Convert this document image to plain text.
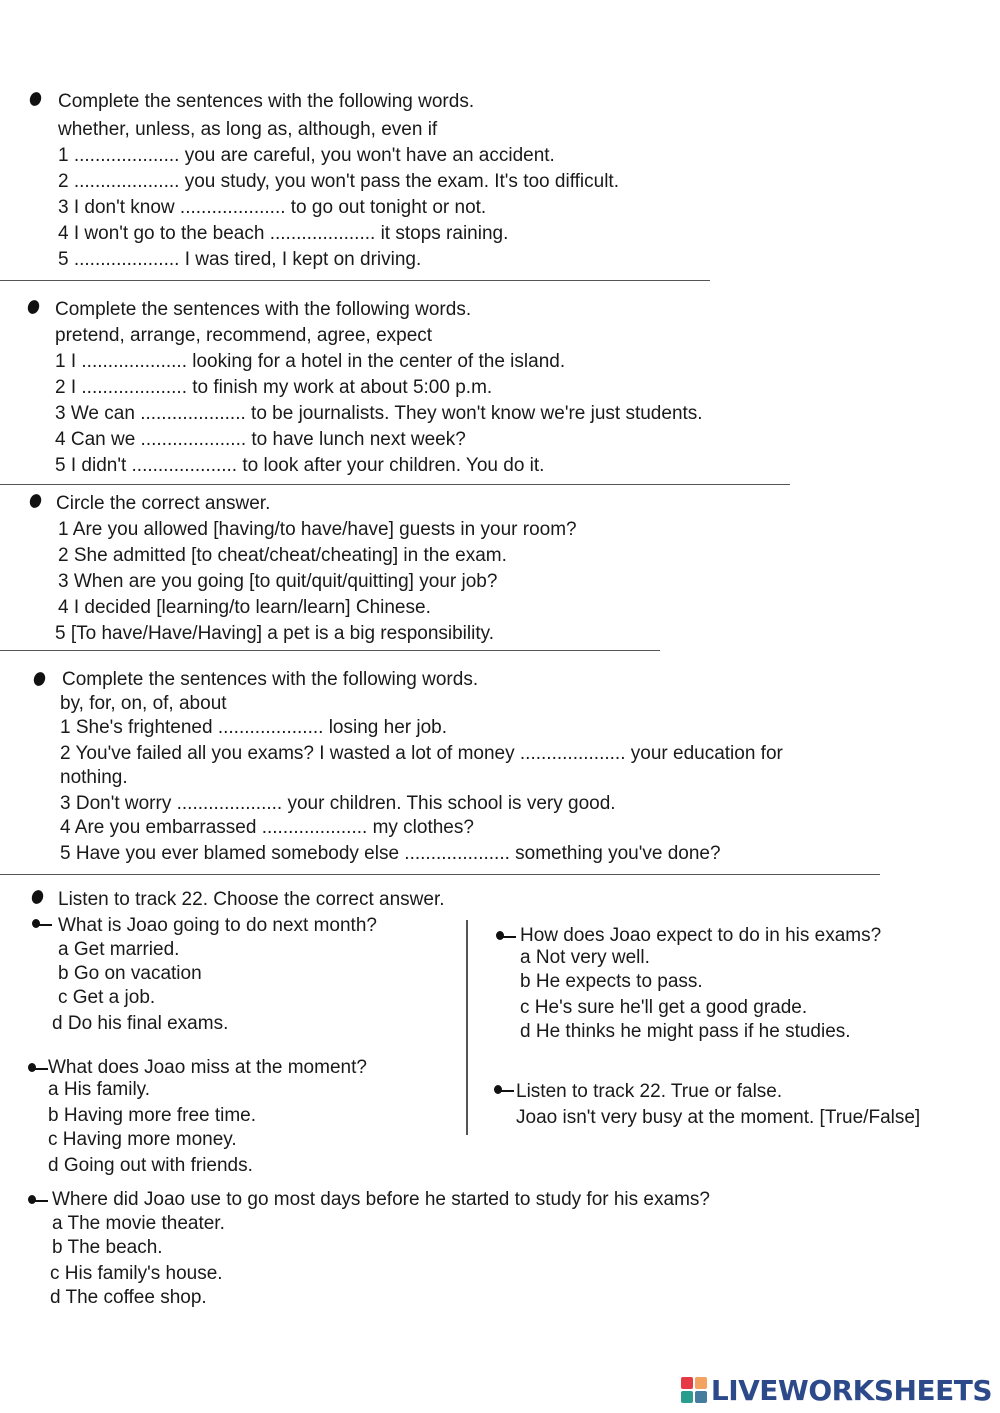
Complete the sentences with the following words.
whether, unless, as long as, although, even if
1 .................... you are careful, you won't have an accident.
2 .................... you study, you won't pass the exam. It's too difficult.
3 I don't know .................... to go out tonight or not.
4 I won't go to the beach .................... it stops raining.
5 .................... I was tired, I kept on driving.
Complete the sentences with the following words.
pretend, arrange, recommend, agree, expect
1 I .................... looking for a hotel in the center of the island.
2 I .................... to finish my work at about 5:00 p.m.
3 We can .................... to be journalists. They won't know we're just students.
4 Can we .................... to have lunch next week?
5 I didn't .................... to look after your children. You do it.
Circle the correct answer.
1 Are you allowed [having/to have/have] guests in your room?
2 She admitted [to cheat/cheat/cheating] in the exam.
3 When are you going [to quit/quit/quitting] your job?
4 I decided [learning/to learn/learn] Chinese.
5 [To have/Have/Having] a pet is a big responsibility.
Complete the sentences with the following words.
by, for, on, of, about
1 She's frightened .................... losing her job.
2 You've failed all you exams? I wasted a lot of money .................... your education for
nothing.
3 Don't worry .................... your children. This school is very good.
4 Are you embarrassed .................... my clothes?
5 Have you ever blamed somebody else .................... something you've done?
Listen to track 22. Choose the correct answer.
What is Joao going to do next month?
a Get married.
b Go on vacation
c Get a job.
d Do his final exams.
How does Joao expect to do in his exams?
a Not very well.
b He expects to pass.
c He's sure he'll get a good grade.
d He thinks he might pass if he studies.
What does Joao miss at the moment?
a His family.
b Having more free time.
c Having more money.
d Going out with friends.
Listen to track 22. True or false.
Joao isn't very busy at the moment. [True/False]
Where did Joao use to go most days before he started to study for his exams?
a The movie theater.
b The beach.
c His family's house.
d The coffee shop.
LIVEWORKSHEETS
